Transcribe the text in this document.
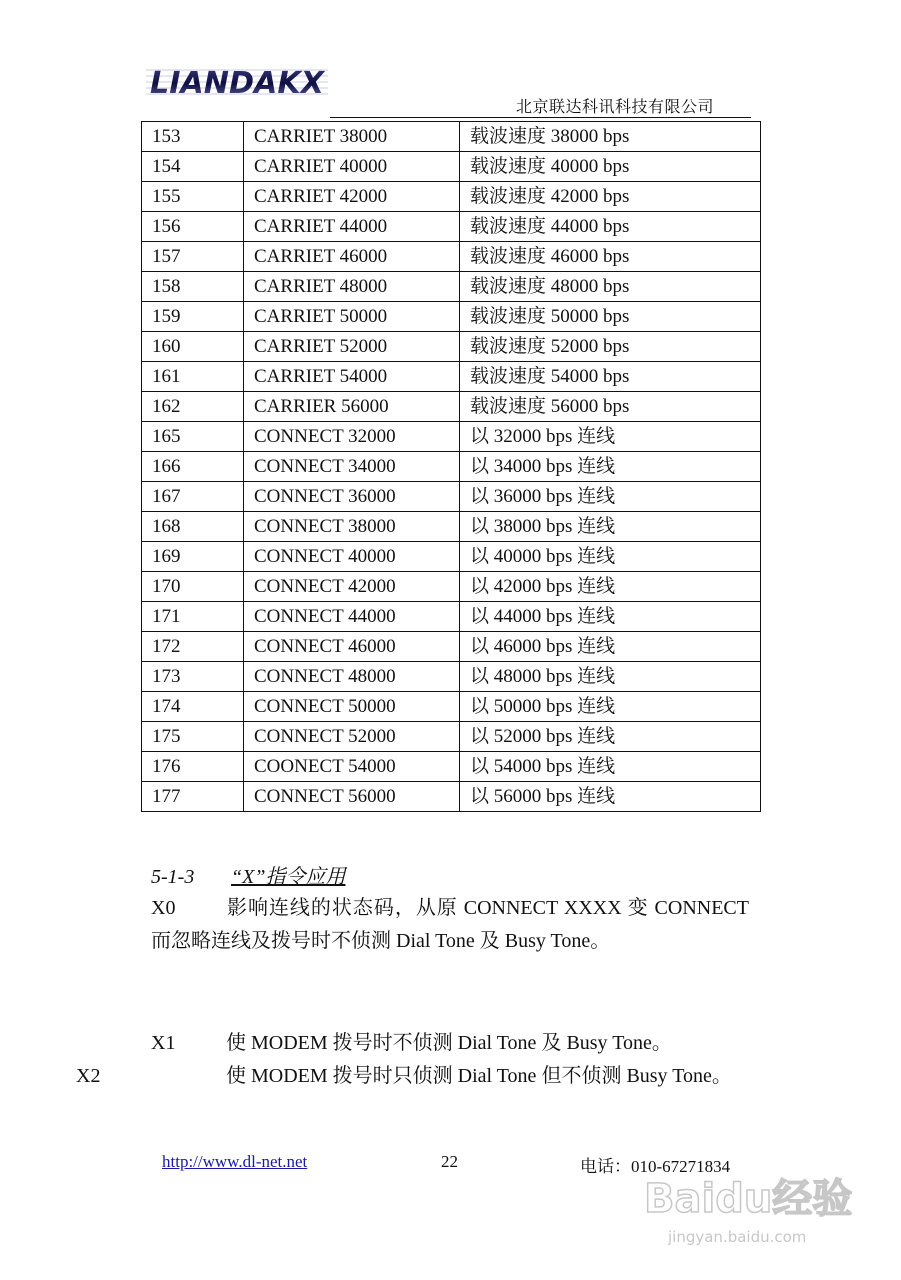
LIANDAKX
北京联达科讯科技有限公司
153	CARRIET 38000	载波速度 38000 bps
154	CARRIET 40000	载波速度 40000 bps
155	CARRIET 42000	载波速度 42000 bps
156	CARRIET 44000	载波速度 44000 bps
157	CARRIET 46000	载波速度 46000 bps
158	CARRIET 48000	载波速度 48000 bps
159	CARRIET 50000	载波速度 50000 bps
160	CARRIET 52000	载波速度 52000 bps
161	CARRIET 54000	载波速度 54000 bps
162	CARRIER 56000	载波速度 56000 bps
165	CONNECT 32000	以 32000 bps 连线
166	CONNECT 34000	以 34000 bps 连线
167	CONNECT 36000	以 36000 bps 连线
168	CONNECT 38000	以 38000 bps 连线
169	CONNECT 40000	以 40000 bps 连线
170	CONNECT 42000	以 42000 bps 连线
171	CONNECT 44000	以 44000 bps 连线
172	CONNECT 46000	以 46000 bps 连线
173	CONNECT 48000	以 48000 bps 连线
174	CONNECT 50000	以 50000 bps 连线
175	CONNECT 52000	以 52000 bps 连线
176	COONECT 54000	以 54000 bps 连线
177	CONNECT 56000	以 56000 bps 连线
5-1-3 “X”指令应用
X0	影响连线的状态码，从原 CONNECT XXXX 变 CONNECT 而忽略连线及拨号时不侦测 Dial Tone 及 Busy Tone。
X1	使 MODEM 拨号时不侦测 Dial Tone 及 Busy Tone。
X2	使 MODEM 拨号时只侦测 Dial Tone 但不侦测 Busy Tone。
http://www.dl-net.net	22	电话：010-67271834
Baidu经验
jingyan.baidu.com
